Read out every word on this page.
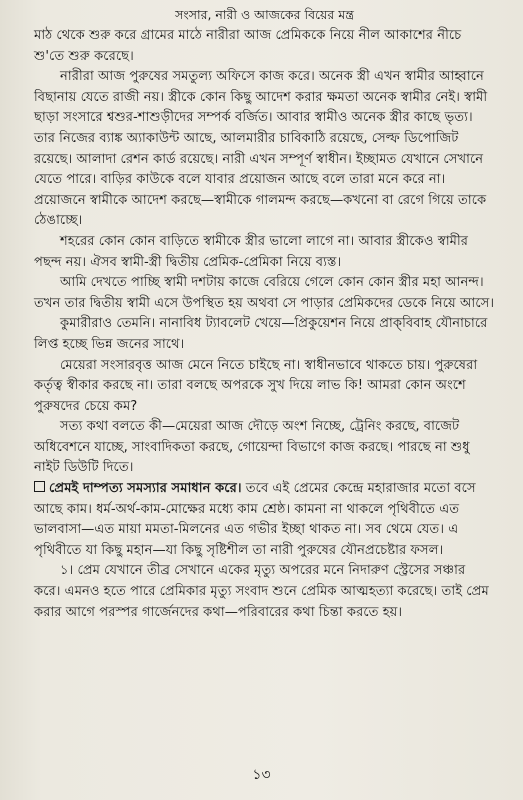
সংসার, নারী ও আজকের বিয়ের মন্ত্র

মাঠ থেকে শুরু করে গ্রামের মাঠে নারীরা আজ প্রেমিককে নিয়ে নীল আকাশের নীচে শু'তে শুরু করেছে।

নারীরা আজ পুরুষের সমতুল্য অফিসে কাজ করে। অনেক স্ত্রী এখন স্বামীর আহ্বানে বিছানায় যেতে রাজী নয়। স্ত্রীকে কোন কিছু আদেশ করার ক্ষমতা অনেক স্বামীর নেই। স্বামী ছাড়া সংসারে শ্বশুর-শাশুড়ীদের সম্পর্ক বর্জিত। আবার স্বামীও অনেক স্ত্রীর কাছে ভৃত্য। তার নিজের ব্যাঙ্ক অ্যাকাউন্ট আছে, আলমারীর চাবিকাঠি রয়েছে, সেল্ফ ডিপোজিট রয়েছে। আলাদা রেশন কার্ড রয়েছে। নারী এখন সম্পূর্ণ স্বাধীন। ইচ্ছামত যেখানে সেখানে যেতে পারে। বাড়ির কাউকে বলে যাবার প্রয়োজন আছে বলে তারা মনে করে না। প্রয়োজনে স্বামীকে আদেশ করছে—স্বামীকে গালমন্দ করছে—কখনো বা রেগে গিয়ে তাকে ঠেঙাচ্ছে।

শহরের কোন কোন বাড়িতে স্বামীকে স্ত্রীর ভালো লাগে না। আবার স্ত্রীকেও স্বামীর পছন্দ নয়। ঐসব স্বামী-স্ত্রী দ্বিতীয় প্রেমিক-প্রেমিকা নিয়ে ব্যস্ত।

আমি দেখতে পাচ্ছি স্বামী দশটায় কাজে বেরিয়ে গেলে কোন কোন স্ত্রীর মহা আনন্দ। তখন তার দ্বিতীয় স্বামী এসে উপস্থিত হয় অথবা সে পাড়ার প্রেমিকদের ডেকে নিয়ে আসে।

কুমারীরাও তেমনি। নানাবিধ ট্যাবলেট খেয়ে—প্রিকুয়েশন নিয়ে প্রাক্‌বিবাহ যৌনাচারে লিপ্ত হচ্ছে ভিন্ন জনের সাথে।

মেয়েরা সংসারবৃত্ত আজ মেনে নিতে চাইছে না। স্বাধীনভাবে থাকতে চায়। পুরুষেরা কর্তৃত্ব স্বীকার করছে না। তারা বলছে অপরকে সুখ দিয়ে লাভ কি! আমরা কোন অংশে পুরুষদের চেয়ে কম?

সত্য কথা বলতে কী—মেয়েরা আজ দৌড়ে অংশ নিচ্ছে, ট্রেনিং করছে, বাজেট অধিবেশনে যাচ্ছে, সাংবাদিকতা করছে, গোয়েন্দা বিভাগে কাজ করছে। পারছে না শুধু নাইট ডিউটি দিতে।

প্রেমই দাম্পত্য সমস্যার সমাধান করে। তবে এই প্রেমের কেন্দ্রে মহারাজার মতো বসে আছে কাম। ধর্ম-অর্থ-কাম-মোক্ষের মধ্যে কাম শ্রেষ্ঠ। কামনা না থাকলে পৃথিবীতে এত ভালবাসা—এত মায়া মমতা-মিলনের এত গভীর ইচ্ছা থাকত না। সব থেমে যেত। এ পৃথিবীতে যা কিছু মহান—যা কিছু সৃষ্টিশীল তা নারী পুরুষের যৌনপ্রচেষ্টার ফসল।

১। প্রেম যেখানে তীব্র সেখানে একের মৃত্যু অপরের মনে নিদারুণ স্ট্রেসের সঞ্চার করে। এমনও হতে পারে প্রেমিকার মৃত্যু সংবাদ শুনে প্রেমিক আত্মহত্যা করেছে। তাই প্রেম করার আগে পরস্পর গার্জেনদের কথা—পরিবারের কথা চিন্তা করতে হয়।

১৩
